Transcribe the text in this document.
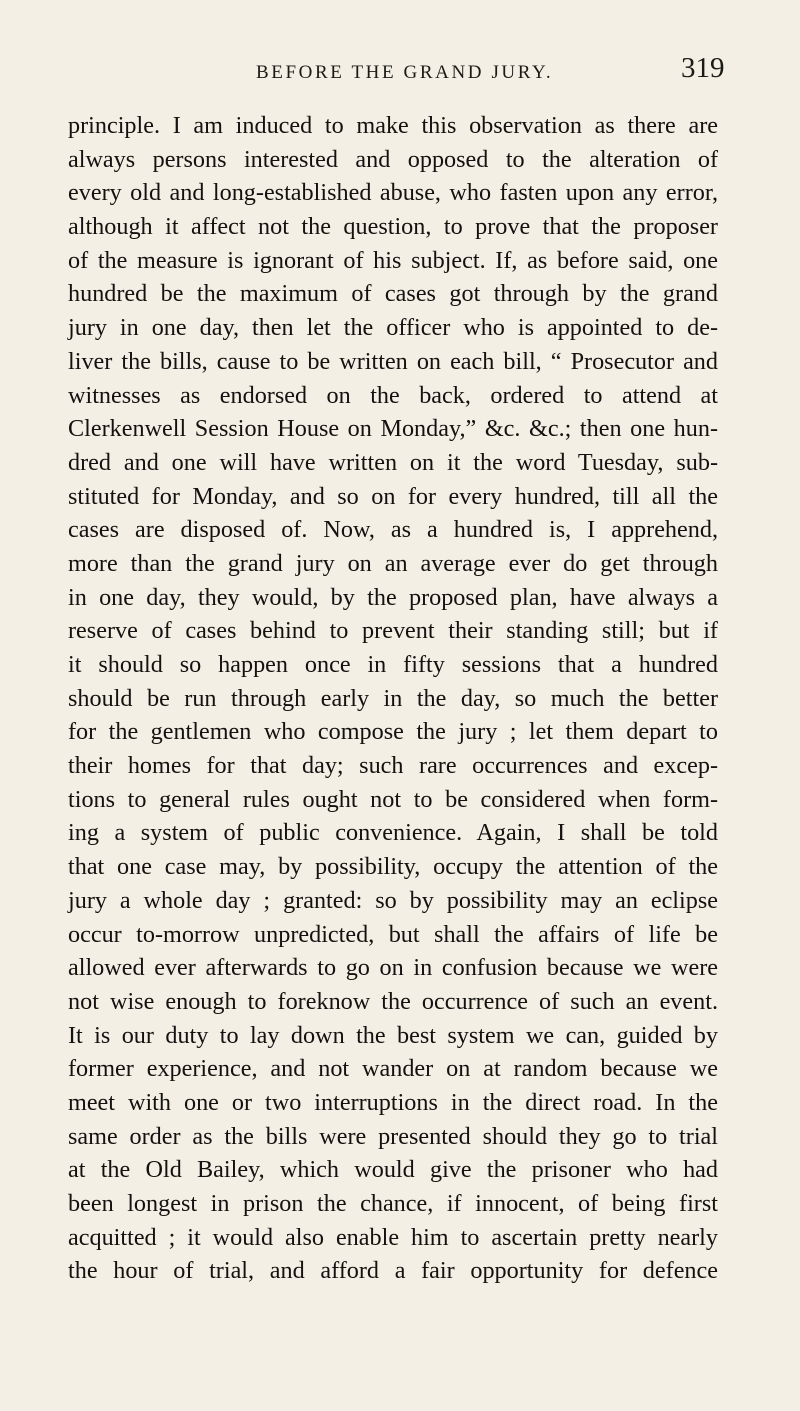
BEFORE THE GRAND JURY.	319
principle. I am induced to make this observation as there are
always persons interested and opposed to the alteration of
every old and long-established abuse, who fasten upon any error,
although it affect not the question, to prove that the proposer
of the measure is ignorant of his subject. If, as before said, one
hundred be the maximum of cases got through by the grand
jury in one day, then let the officer who is appointed to de-
liver the bills, cause to be written on each bill, “ Prosecutor and
witnesses as endorsed on the back, ordered to attend at
Clerkenwell Session House on Monday,” &c. &c.; then one hun-
dred and one will have written on it the word Tuesday, sub-
stituted for Monday, and so on for every hundred, till all the
cases are disposed of. Now, as a hundred is, I apprehend,
more than the grand jury on an average ever do get through
in one day, they would, by the proposed plan, have always a
reserve of cases behind to prevent their standing still; but if
it should so happen once in fifty sessions that a hundred
should be run through early in the day, so much the better
for the gentlemen who compose the jury ; let them depart to
their homes for that day; such rare occurrences and excep-
tions to general rules ought not to be considered when form-
ing a system of public convenience. Again, I shall be told
that one case may, by possibility, occupy the attention of the
jury a whole day ; granted: so by possibility may an eclipse
occur to-morrow unpredicted, but shall the affairs of life be
allowed ever afterwards to go on in confusion because we were
not wise enough to foreknow the occurrence of such an event.
It is our duty to lay down the best system we can, guided by
former experience, and not wander on at random because we
meet with one or two interruptions in the direct road. In the
same order as the bills were presented should they go to trial
at the Old Bailey, which would give the prisoner who had
been longest in prison the chance, if innocent, of being first
acquitted ; it would also enable him to ascertain pretty nearly
the hour of trial, and afford a fair opportunity for defence
